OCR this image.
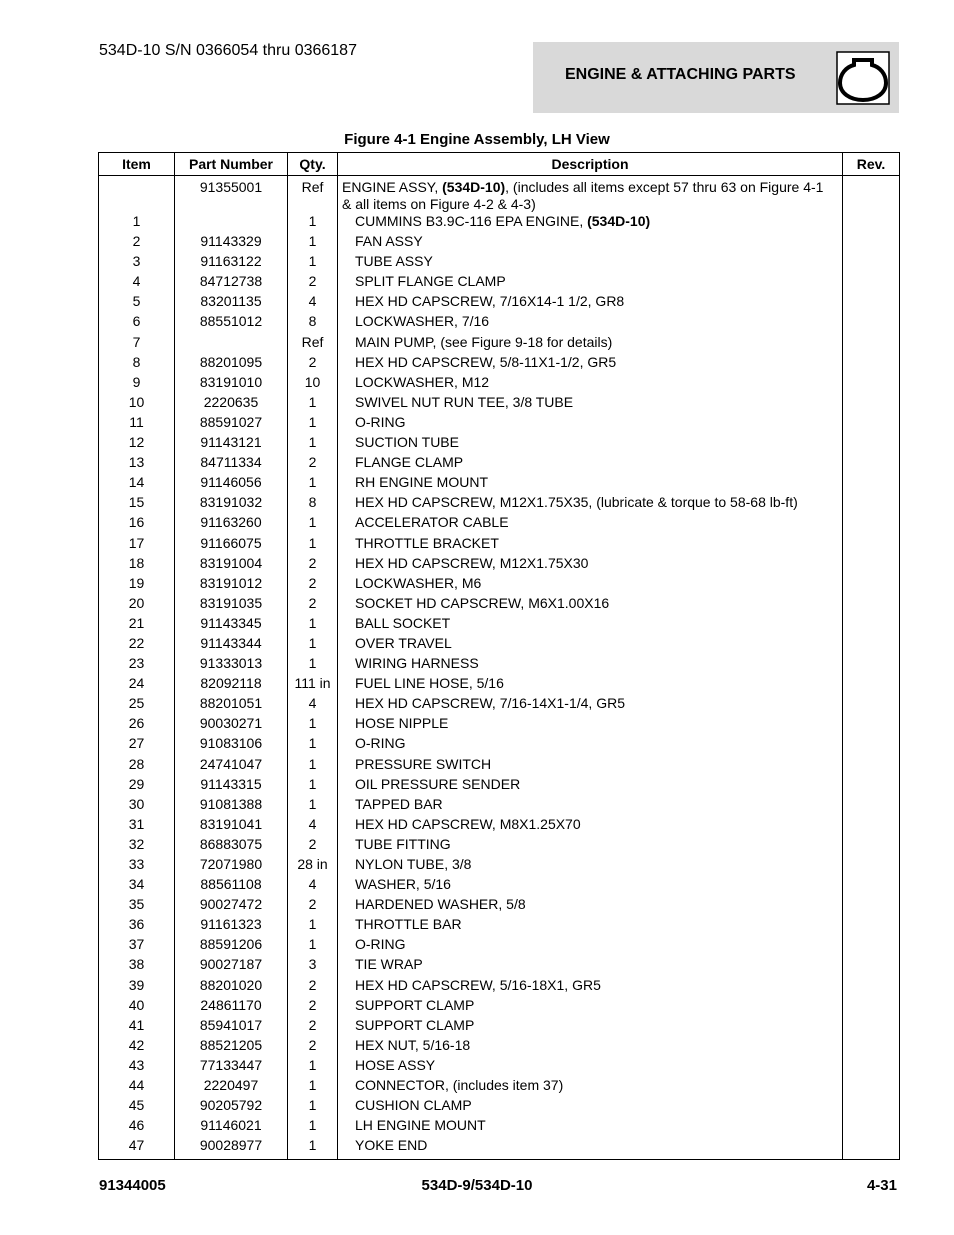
534D-10 S/N 0366054 thru 0366187
ENGINE & ATTACHING PARTS
Figure 4-1 Engine Assembly, LH View
Item	Part Number	Qty.	Description	Rev.
	91355001	Ref	ENGINE ASSY, (534D-10), (includes all items except 57 thru 63 on Figure 4-1 & all items on Figure 4-2 & 4-3)	
1		1	CUMMINS B3.9C-116 EPA ENGINE, (534D-10)	
2	91143329	1	FAN ASSY	
3	91163122	1	TUBE ASSY	
4	84712738	2	SPLIT FLANGE CLAMP	
5	83201135	4	HEX HD CAPSCREW, 7/16X14-1 1/2, GR8	
6	88551012	8	LOCKWASHER, 7/16	
7		Ref	MAIN PUMP, (see Figure 9-18 for details)	
8	88201095	2	HEX HD CAPSCREW, 5/8-11X1-1/2, GR5	
9	83191010	10	LOCKWASHER, M12	
10	2220635	1	SWIVEL NUT RUN TEE, 3/8 TUBE	
11	88591027	1	O-RING	
12	91143121	1	SUCTION TUBE	
13	84711334	2	FLANGE CLAMP	
14	91146056	1	RH ENGINE MOUNT	
15	83191032	8	HEX HD CAPSCREW, M12X1.75X35, (lubricate & torque to 58-68 lb-ft)	
16	91163260	1	ACCELERATOR CABLE	
17	91166075	1	THROTTLE BRACKET	
18	83191004	2	HEX HD CAPSCREW, M12X1.75X30	
19	83191012	2	LOCKWASHER, M6	
20	83191035	2	SOCKET HD CAPSCREW, M6X1.00X16	
21	91143345	1	BALL SOCKET	
22	91143344	1	OVER TRAVEL	
23	91333013	1	WIRING HARNESS	
24	82092118	111 in	FUEL LINE HOSE, 5/16	
25	88201051	4	HEX HD CAPSCREW, 7/16-14X1-1/4, GR5	
26	90030271	1	HOSE NIPPLE	
27	91083106	1	O-RING	
28	24741047	1	PRESSURE SWITCH	
29	91143315	1	OIL PRESSURE SENDER	
30	91081388	1	TAPPED BAR	
31	83191041	4	HEX HD CAPSCREW, M8X1.25X70	
32	86883075	2	TUBE FITTING	
33	72071980	28 in	NYLON TUBE, 3/8	
34	88561108	4	WASHER, 5/16	
35	90027472	2	HARDENED WASHER, 5/8	
36	91161323	1	THROTTLE BAR	
37	88591206	1	O-RING	
38	90027187	3	TIE WRAP	
39	88201020	2	HEX HD CAPSCREW, 5/16-18X1, GR5	
40	24861170	2	SUPPORT CLAMP	
41	85941017	2	SUPPORT CLAMP	
42	88521205	2	HEX NUT, 5/16-18	
43	77133447	1	HOSE ASSY	
44	2220497	1	CONNECTOR, (includes item 37)	
45	90205792	1	CUSHION CLAMP	
46	91146021	1	LH ENGINE MOUNT	
47	90028977	1	YOKE END	
91344005	534D-9/534D-10	4-31
